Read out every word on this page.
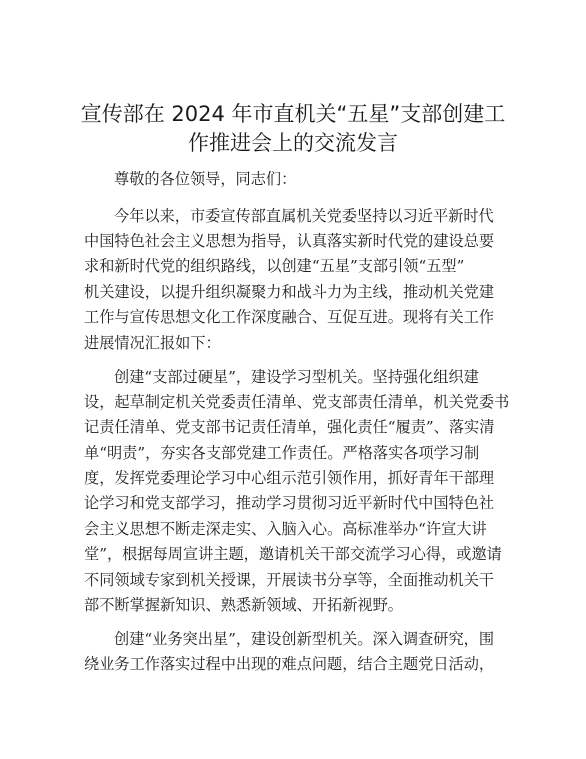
宣传部在 2024 年市直机关“五星”支部创建工
作推进会上的交流发言
尊敬的各位领导，同志们：
今年以来，市委宣传部直属机关党委坚持以习近平新时代
中国特色社会主义思想为指导，认真落实新时代党的建设总要
求和新时代党的组织路线，以创建“五星”支部引领“五型”
机关建设，以提升组织凝聚力和战斗力为主线，推动机关党建
工作与宣传思想文化工作深度融合、互促互进。现将有关工作
进展情况汇报如下：
创建“支部过硬星”，建设学习型机关。坚持强化组织建
设，起草制定机关党委责任清单、党支部责任清单，机关党委书
记责任清单、党支部书记责任清单，强化责任“履责”、落实清
单“明责”，夯实各支部党建工作责任。严格落实各项学习制
度，发挥党委理论学习中心组示范引领作用，抓好青年干部理
论学习和党支部学习，推动学习贯彻习近平新时代中国特色社
会主义思想不断走深走实、入脑入心。高标准举办“许宣大讲
堂”，根据每周宣讲主题，邀请机关干部交流学习心得，或邀请
不同领域专家到机关授课，开展读书分享等，全面推动机关干
部不断掌握新知识、熟悉新领域、开拓新视野。
创建“业务突出星”，建设创新型机关。深入调查研究，围
绕业务工作落实过程中出现的难点问题，结合主题党日活动，
